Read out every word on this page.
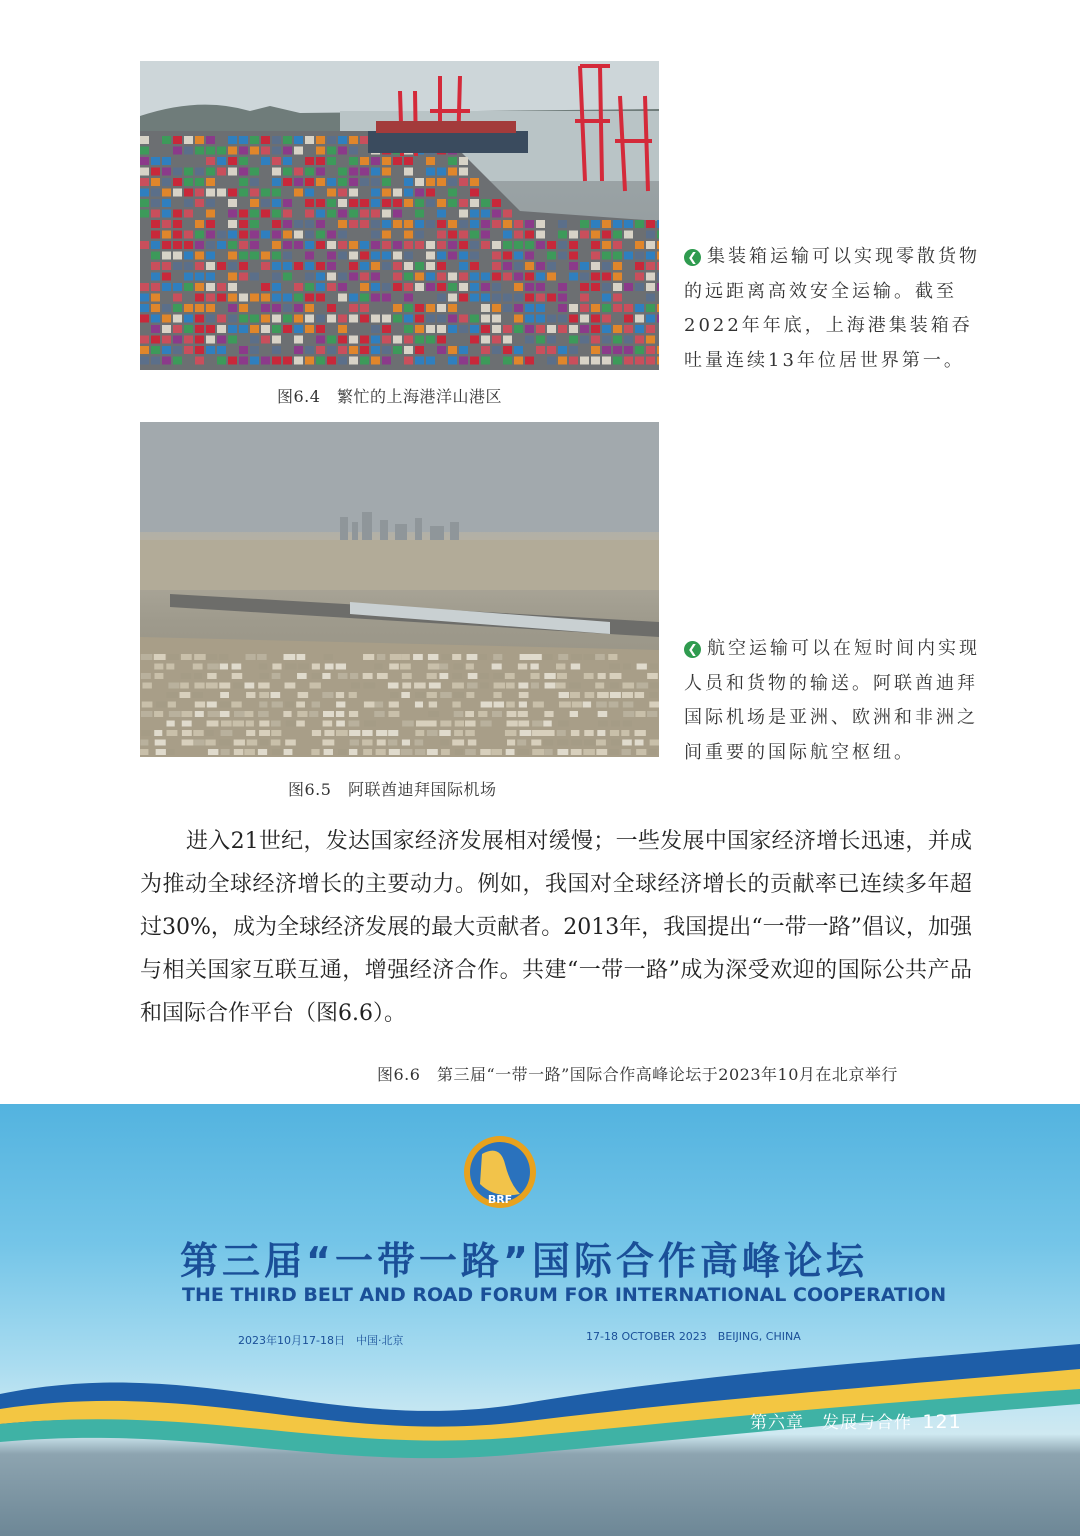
❮ 集装箱运输可以实现零散货物的远距离高效安全运输。截至2022年年底，上海港集装箱吞吐量连续13年位居世界第一。
图6.4　繁忙的上海港洋山港区
❮ 航空运输可以在短时间内实现人员和货物的输送。阿联酋迪拜国际机场是亚洲、欧洲和非洲之间重要的国际航空枢纽。
图6.5　阿联酋迪拜国际机场

进入21世纪，发达国家经济发展相对缓慢；一些发展中国家经济增长迅速，并成为推动全球经济增长的主要动力。例如，我国对全球经济增长的贡献率已连续多年超过30%，成为全球经济发展的最大贡献者。2013年，我国提出“一带一路”倡议，加强与相关国家互联互通，增强经济合作。共建“一带一路”成为深受欢迎的国际公共产品和国际合作平台（图6.6）。

图6.6　第三届“一带一路”国际合作高峰论坛于2023年10月在北京举行
BRF
第三届“一带一路”国际合作高峰论坛
THE THIRD BELT AND ROAD FORUM FOR INTERNATIONAL COOPERATION
2023年10月17-18日　中国·北京	17-18 OCTOBER 2023　BEIJING, CHINA
第六章　发展与合作 121
